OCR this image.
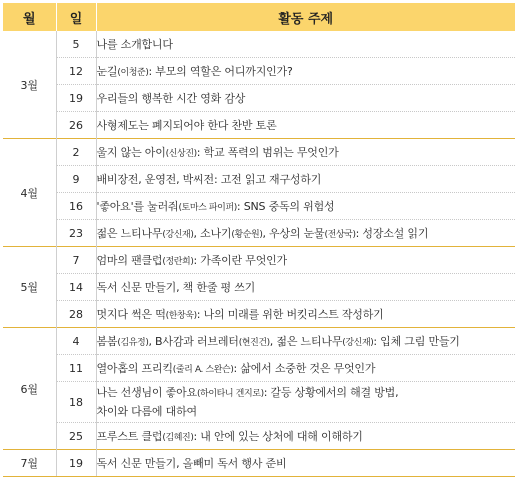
월	일	활동 주제
3월	5	나를 소개합니다
	12	눈길(이청준): 부모의 역할은 어디까지인가?
	19	우리들의 행복한 시간 영화 감상
	26	사형제도는 폐지되어야 한다 찬반 토론
4월	2	울지 않는 아이(신상진): 학교 폭력의 범위는 무엇인가
	9	배비장전, 운영전, 박씨전: 고전 읽고 재구성하기
	16	'좋아요'를 눌러줘(토마스 파이퍼): SNS 중독의 위험성
	23	젊은 느티나무(강신재), 소나기(황순원), 우상의 눈물(전상국): 성장소설 읽기
5월	7	엄마의 팬클럽(정란희): 가족이란 무엇인가
	14	독서 신문 만들기, 책 한줄 평 쓰기
	28	멋지다 썩은 떡(한창욱): 나의 미래를 위한 버킷리스트 작성하기
6월	4	봄봄(김유정), B사감과 러브레터(현진건), 젊은 느티나무(강신재): 입체 그림 만들기
	11	열아홉의 프리킥(줄리 A. 스완슨): 삶에서 소중한 것은 무엇인가
	18	나는 선생님이 좋아요(하이타니 겐지로): 갈등 상황에서의 해결 방법,
차이와 다름에 대하여
	25	프루스트 클럽(김혜진): 내 안에 있는 상처에 대해 이해하기
7월	19	독서 신문 만들기, 올빼미 독서 행사 준비
